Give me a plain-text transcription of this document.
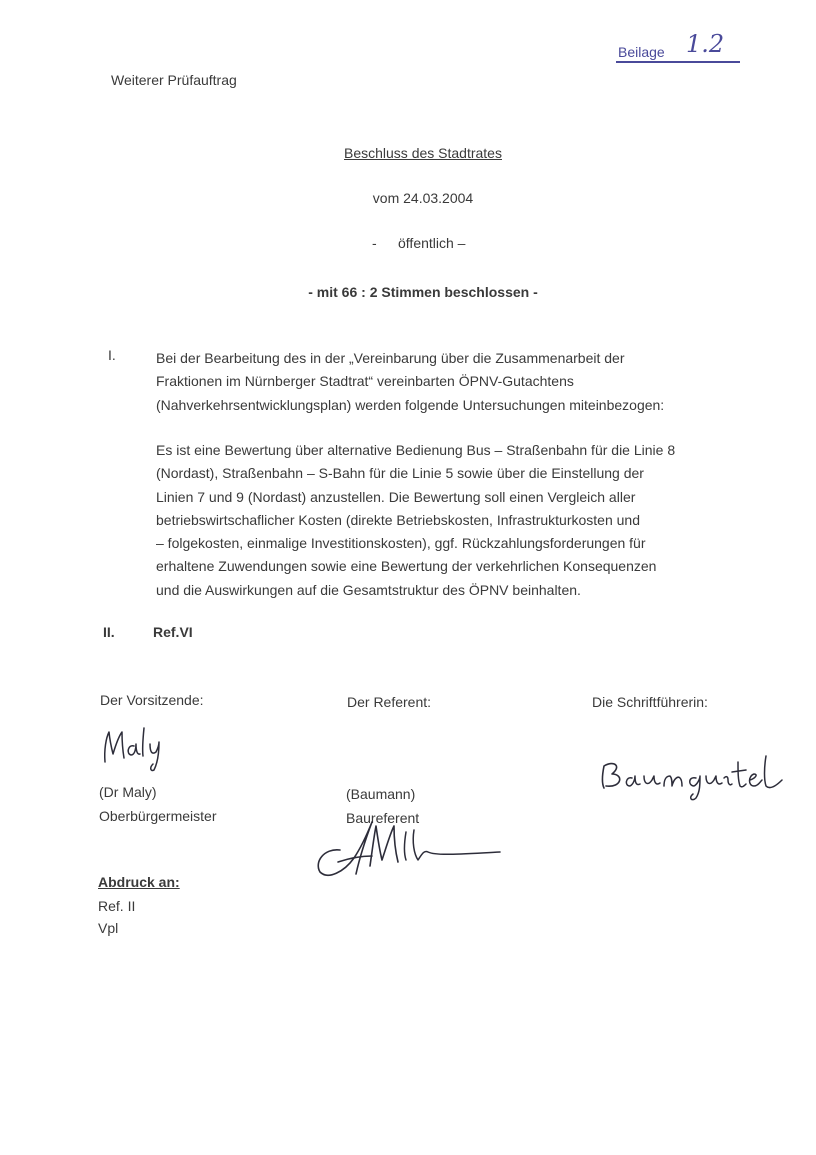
Beilage 1.2
Weiterer Prüfauftrag
Beschluss des Stadtrates
vom 24.03.2004
- öffentlich –
- mit 66 : 2 Stimmen beschlossen -
I.	Bei der Bearbeitung des in der „Vereinbarung über die Zusammenarbeit der
Fraktionen im Nürnberger Stadtrat“ vereinbarten ÖPNV-Gutachtens
(Nahverkehrsentwicklungsplan) werden folgende Untersuchungen miteinbezogen:
Es ist eine Bewertung über alternative Bedienung Bus – Straßenbahn für die Linie 8
(Nordast), Straßenbahn – S-Bahn für die Linie 5 sowie über die Einstellung der
Linien 7 und 9 (Nordast) anzustellen. Die Bewertung soll einen Vergleich aller
betriebswirtschaflicher Kosten (direkte Betriebskosten, Infrastrukturkosten und
– folgekosten, einmalige Investitionskosten), ggf. Rückzahlungsforderungen für
erhaltene Zuwendungen sowie eine Bewertung der verkehrlichen Konsequenzen
und die Auswirkungen auf die Gesamtstruktur des ÖPNV beinhalten.
II.	Ref.VI
Der Vorsitzende:	Der Referent:	Die Schriftführerin:
(Dr Maly)
Oberbürgermeister
(Baumann)
Baureferent
Abdruck an:
Ref. II
Vpl
